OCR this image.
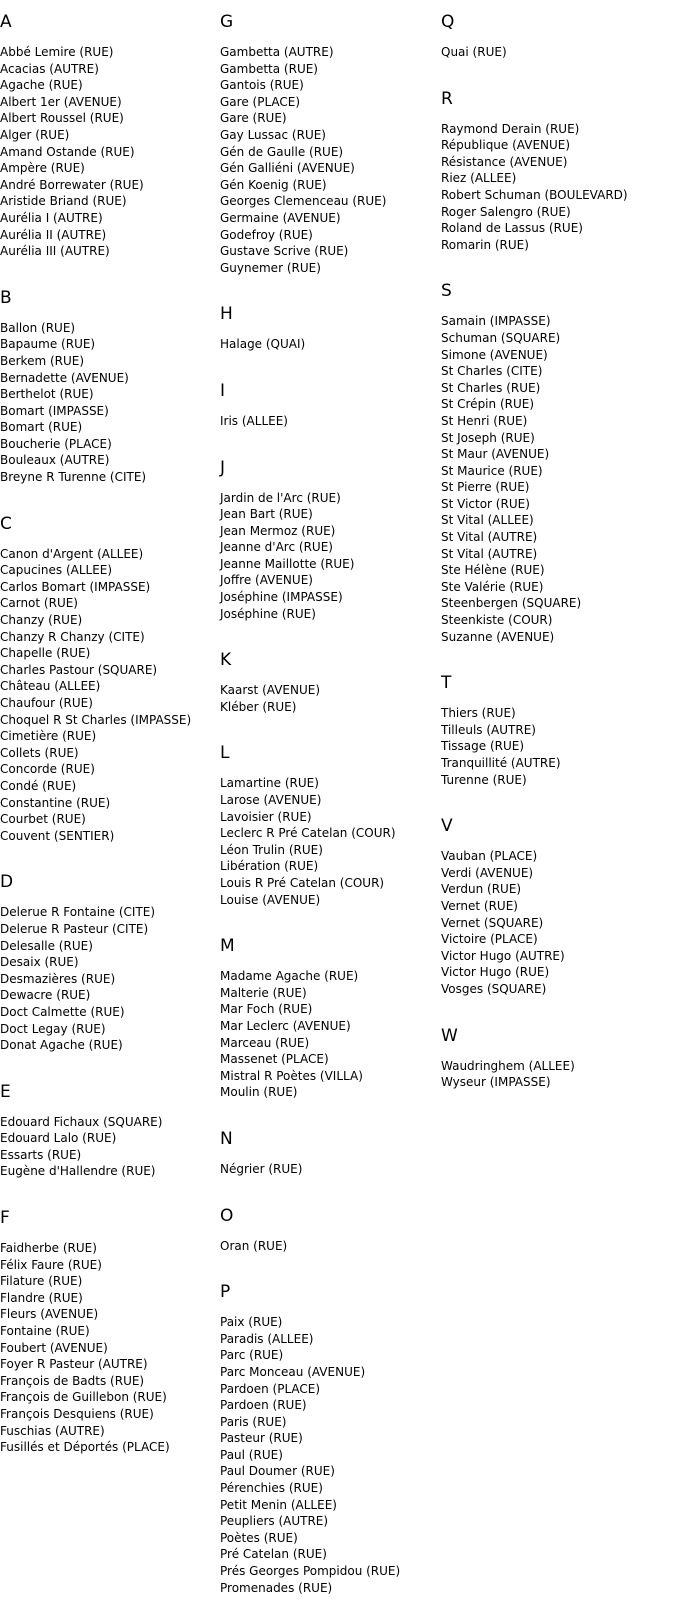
A
Abbé Lemire (RUE)
Acacias (AUTRE)
Agache (RUE)
Albert 1er (AVENUE)
Albert Roussel (RUE)
Alger (RUE)
Amand Ostande (RUE)
Ampère (RUE)
André Borrewater (RUE)
Aristide Briand (RUE)
Aurélia I (AUTRE)
Aurélia II (AUTRE)
Aurélia III (AUTRE)
B
Ballon (RUE)
Bapaume (RUE)
Berkem (RUE)
Bernadette (AVENUE)
Berthelot (RUE)
Bomart (IMPASSE)
Bomart (RUE)
Boucherie (PLACE)
Bouleaux (AUTRE)
Breyne R Turenne (CITE)
C
Canon d'Argent (ALLEE)
Capucines (ALLEE)
Carlos Bomart (IMPASSE)
Carnot (RUE)
Chanzy (RUE)
Chanzy R Chanzy (CITE)
Chapelle (RUE)
Charles Pastour (SQUARE)
Château (ALLEE)
Chaufour (RUE)
Choquel R St Charles (IMPASSE)
Cimetière (RUE)
Collets (RUE)
Concorde (RUE)
Condé (RUE)
Constantine (RUE)
Courbet (RUE)
Couvent (SENTIER)
D
Delerue R Fontaine (CITE)
Delerue R Pasteur (CITE)
Delesalle (RUE)
Desaix (RUE)
Desmazières (RUE)
Dewacre (RUE)
Doct Calmette (RUE)
Doct Legay (RUE)
Donat Agache (RUE)
E
Edouard Fichaux (SQUARE)
Edouard Lalo (RUE)
Essarts (RUE)
Eugène d'Hallendre (RUE)
F
Faidherbe (RUE)
Félix Faure (RUE)
Filature (RUE)
Flandre (RUE)
Fleurs (AVENUE)
Fontaine (RUE)
Foubert (AVENUE)
Foyer R Pasteur (AUTRE)
François de Badts (RUE)
François de Guillebon (RUE)
François Desquiens (RUE)
Fuschias (AUTRE)
Fusillés et Déportés (PLACE)
G
Gambetta (AUTRE)
Gambetta (RUE)
Gantois (RUE)
Gare (PLACE)
Gare (RUE)
Gay Lussac (RUE)
Gén de Gaulle (RUE)
Gén Galliéni (AVENUE)
Gén Koenig (RUE)
Georges Clemenceau (RUE)
Germaine (AVENUE)
Godefroy (RUE)
Gustave Scrive (RUE)
Guynemer (RUE)
H
Halage (QUAI)
I
Iris (ALLEE)
J
Jardin de l'Arc (RUE)
Jean Bart (RUE)
Jean Mermoz (RUE)
Jeanne d'Arc (RUE)
Jeanne Maillotte (RUE)
Joffre (AVENUE)
Joséphine (IMPASSE)
Joséphine (RUE)
K
Kaarst (AVENUE)
Kléber (RUE)
L
Lamartine (RUE)
Larose (AVENUE)
Lavoisier (RUE)
Leclerc R Pré Catelan (COUR)
Léon Trulin (RUE)
Libération (RUE)
Louis R Pré Catelan (COUR)
Louise (AVENUE)
M
Madame Agache (RUE)
Malterie (RUE)
Mar Foch (RUE)
Mar Leclerc (AVENUE)
Marceau (RUE)
Massenet (PLACE)
Mistral R Poètes (VILLA)
Moulin (RUE)
N
Négrier (RUE)
O
Oran (RUE)
P
Paix (RUE)
Paradis (ALLEE)
Parc (RUE)
Parc Monceau (AVENUE)
Pardoen (PLACE)
Pardoen (RUE)
Paris (RUE)
Pasteur (RUE)
Paul (RUE)
Paul Doumer (RUE)
Pérenchies (RUE)
Petit Menin (ALLEE)
Peupliers (AUTRE)
Poètes (RUE)
Pré Catelan (RUE)
Prés Georges Pompidou (RUE)
Promenades (RUE)
Q
Quai (RUE)
R
Raymond Derain (RUE)
République (AVENUE)
Résistance (AVENUE)
Riez (ALLEE)
Robert Schuman (BOULEVARD)
Roger Salengro (RUE)
Roland de Lassus (RUE)
Romarin (RUE)
S
Samain (IMPASSE)
Schuman (SQUARE)
Simone (AVENUE)
St Charles (CITE)
St Charles (RUE)
St Crépin (RUE)
St Henri (RUE)
St Joseph (RUE)
St Maur (AVENUE)
St Maurice (RUE)
St Pierre (RUE)
St Victor (RUE)
St Vital (ALLEE)
St Vital (AUTRE)
St Vital (AUTRE)
Ste Hélène (RUE)
Ste Valérie (RUE)
Steenbergen (SQUARE)
Steenkiste (COUR)
Suzanne (AVENUE)
T
Thiers (RUE)
Tilleuls (AUTRE)
Tissage (RUE)
Tranquillité (AUTRE)
Turenne (RUE)
V
Vauban (PLACE)
Verdi (AVENUE)
Verdun (RUE)
Vernet (RUE)
Vernet (SQUARE)
Victoire (PLACE)
Victor Hugo (AUTRE)
Victor Hugo (RUE)
Vosges (SQUARE)
W
Waudringhem (ALLEE)
Wyseur (IMPASSE)
